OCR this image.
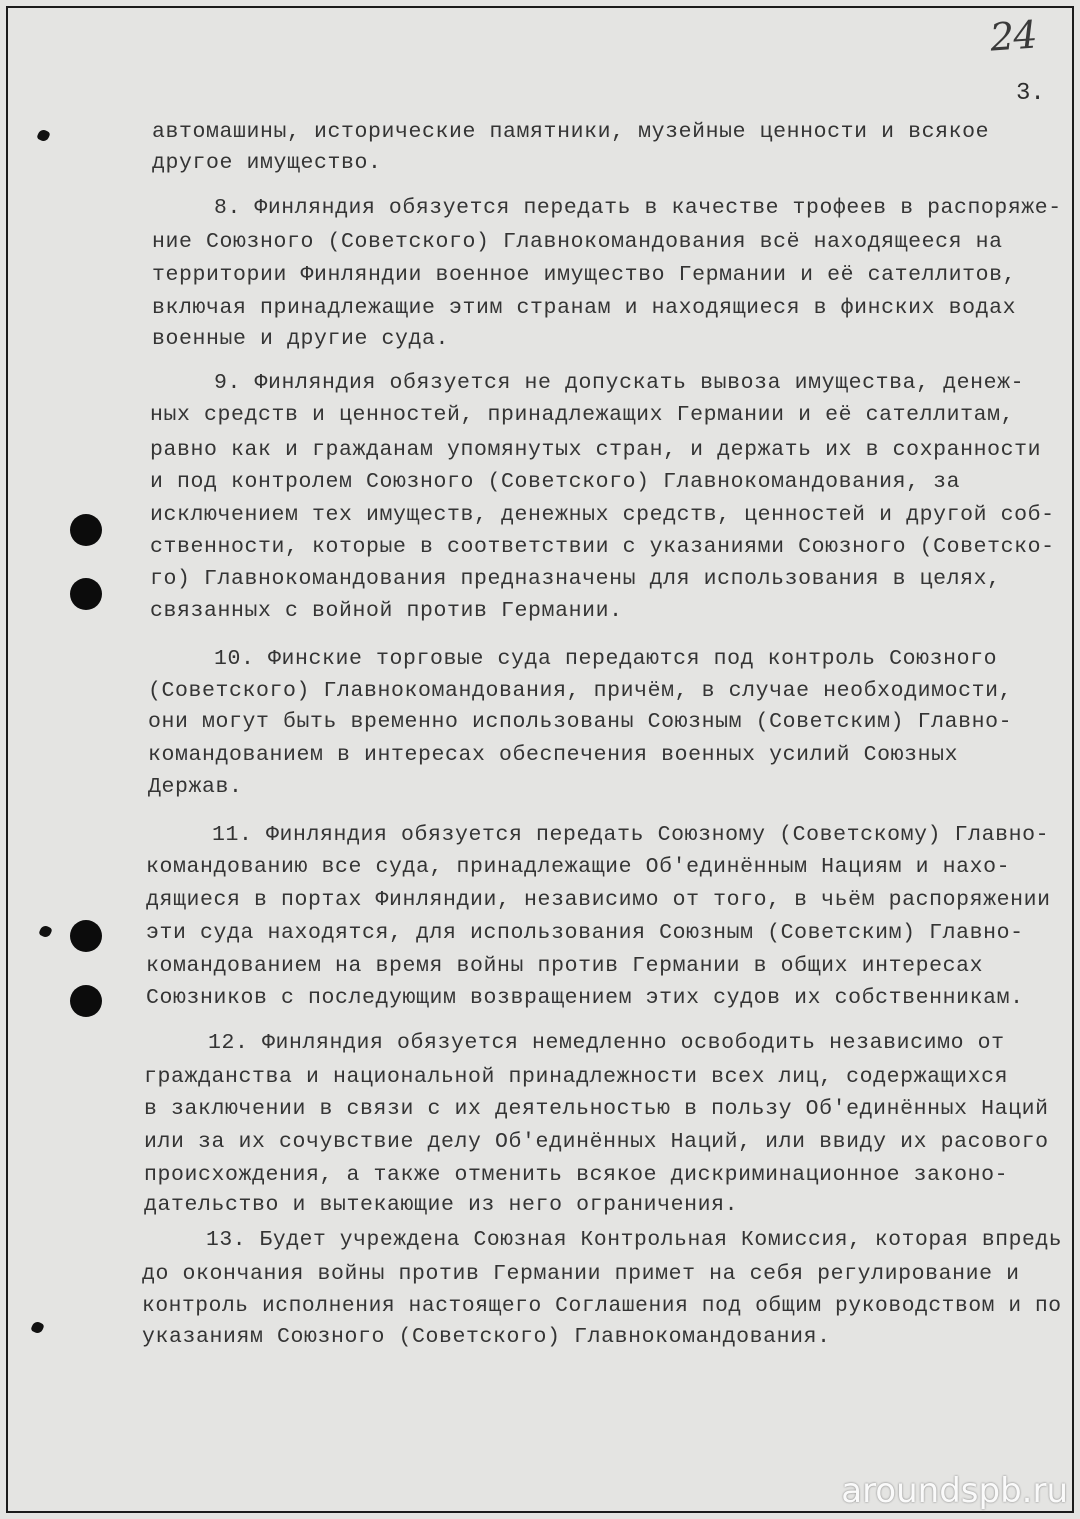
24
3.
автомашины, исторические памятники, музейные ценности и всякое
другое имущество.
8. Финляндия обязуется передать в качестве трофеев в распоряже-
ние Союзного (Советского) Главнокомандования всё находящееся на
территории Финляндии военное имущество Германии и её сателлитов,
включая принадлежащие этим странам и находящиеся в финских водах
военные и другие суда.
9. Финляндия обязуется не допускать вывоза имущества, денеж-
ных средств и ценностей, принадлежащих Германии и её сателлитам,
равно как и гражданам упомянутых стран, и держать их в сохранности
и под контролем Союзного (Советского) Главнокомандования, за
исключением тех имуществ, денежных средств, ценностей и другой соб-
ственности, которые в соответствии с указаниями Союзного (Советско-
го) Главнокомандования предназначены для использования в целях,
связанных с войной против Германии.
10. Финские торговые суда передаются под контроль Союзного
(Советского) Главнокомандования, причём, в случае необходимости,
они могут быть временно использованы Союзным (Советским) Главно-
командованием в интересах обеспечения военных усилий Союзных
Держав.
11. Финляндия обязуется передать Союзному (Советскому) Главно-
командованию все суда, принадлежащие Об'единённым Нациям и нахо-
дящиеся в портах Финляндии, независимо от того, в чьём распоряжении
эти суда находятся, для использования Союзным (Советским) Главно-
командованием на время войны против Германии в общих интересах
Союзников с последующим возвращением этих судов их собственникам.
12. Финляндия обязуется немедленно освободить независимо от
гражданства и национальной принадлежности всех лиц, содержащихся
в заключении в связи с их деятельностью в пользу Об'единённых Наций
или за их сочувствие делу Об'единённых Наций, или ввиду их расового
происхождения, а также отменить всякое дискриминационное законо-
дательство и вытекающие из него ограничения.
13. Будет учреждена Союзная Контрольная Комиссия, которая впредь
до окончания войны против Германии примет на себя регулирование и
контроль исполнения настоящего Соглашения под общим руководством и по
указаниям Союзного (Советского) Главнокомандования.
aroundspb.ru
